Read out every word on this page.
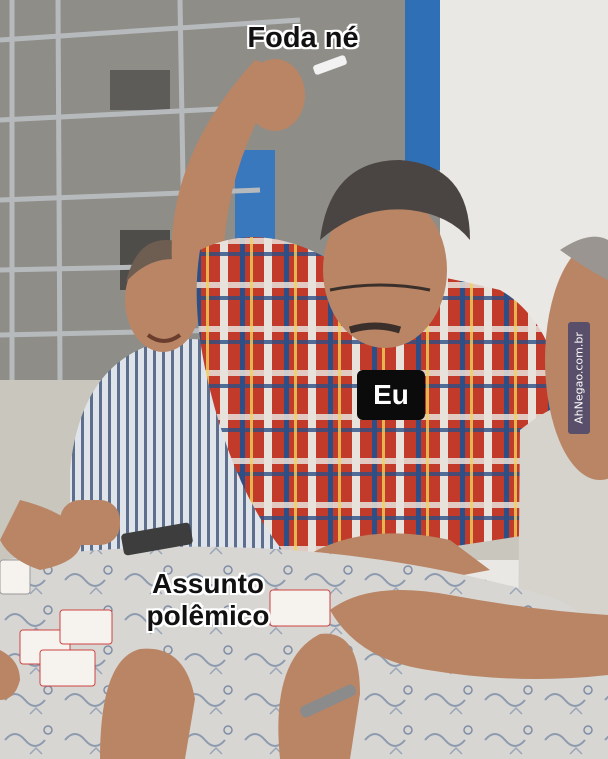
Foda né
Eu
Assunto
polêmico
AhNegao.com.br
